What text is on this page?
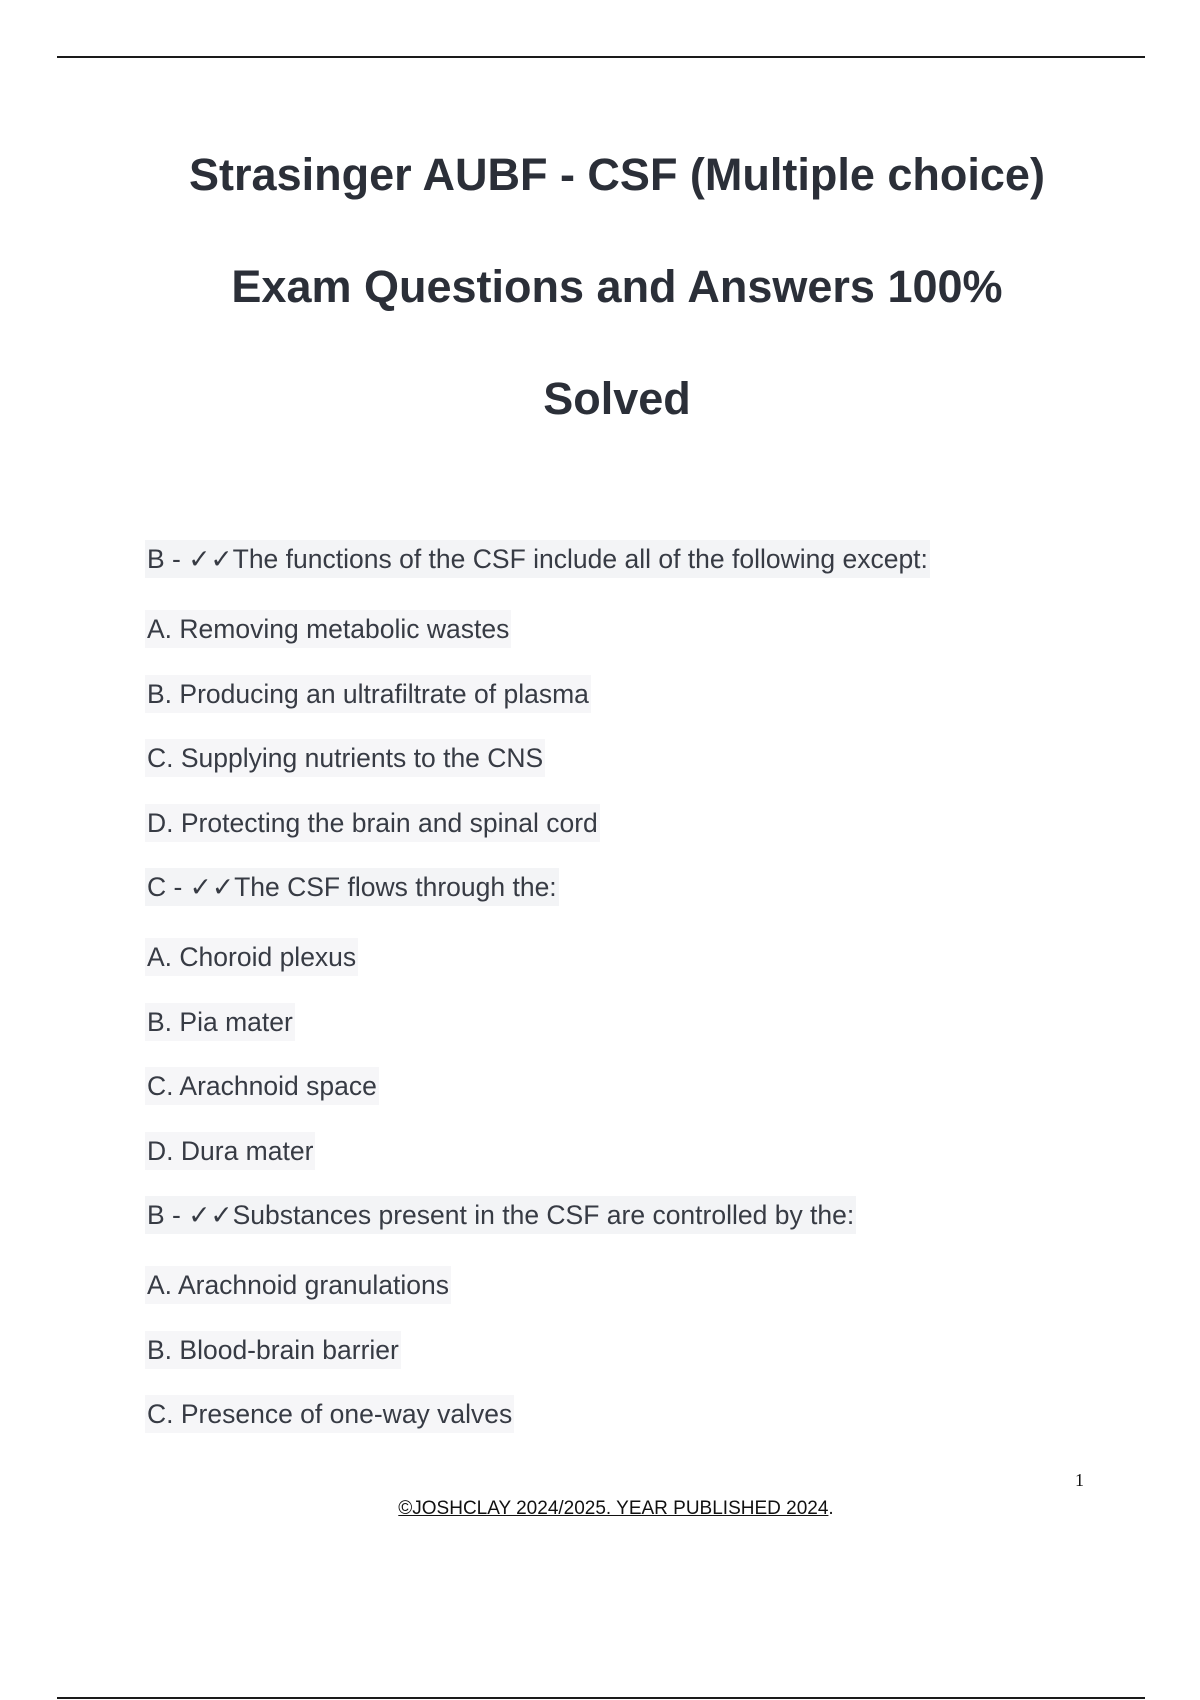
Strasinger AUBF - CSF (Multiple choice)
Exam Questions and Answers 100%
Solved
B - ✓✓The functions of the CSF include all of the following except:
A. Removing metabolic wastes
B. Producing an ultrafiltrate of plasma
C. Supplying nutrients to the CNS
D. Protecting the brain and spinal cord
C - ✓✓The CSF flows through the:
A. Choroid plexus
B. Pia mater
C. Arachnoid space
D. Dura mater
B - ✓✓Substances present in the CSF are controlled by the:
A. Arachnoid granulations
B. Blood-brain barrier
C. Presence of one-way valves
1
©JOSHCLAY 2024/2025. YEAR PUBLISHED 2024.
